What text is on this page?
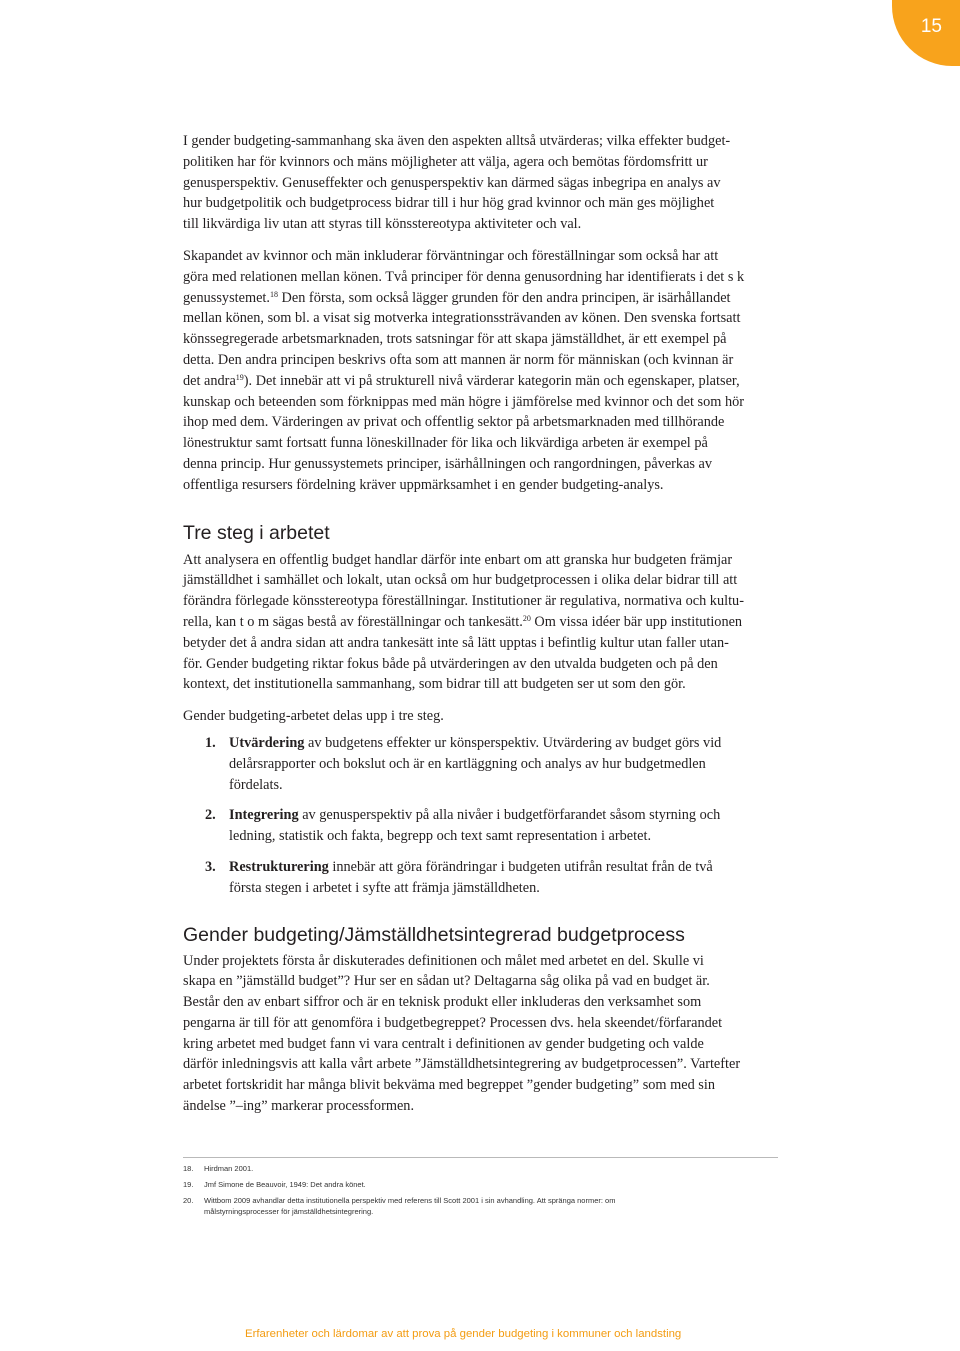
15

I gender budgeting-sammanhang ska även den aspekten alltså utvärderas; vilka effekter budget-
politiken har för kvinnors och mäns möjligheter att välja, agera och bemötas fördomsfritt ur
genusperspektiv. Genuseffekter och genusperspektiv kan därmed sägas inbegripa en analys av
hur budgetpolitik och budgetprocess bidrar till i hur hög grad kvinnor och män ges möjlighet
till likvärdiga liv utan att styras till könsstereotypa aktiviteter och val.

Skapandet av kvinnor och män inkluderar förväntningar och föreställningar som också har att
göra med relationen mellan könen. Två principer för denna genusordning har identifierats i det s k
genussystemet.$^{18}$ Den första, som också lägger grunden för den andra principen, är isärhållandet
mellan könen, som bl. a visat sig motverka integrationssträvanden av könen. Den svenska fortsatt
könssegregerade arbetsmarknaden, trots satsningar för att skapa jämställdhet, är ett exempel på
detta. Den andra principen beskrivs ofta som att mannen är norm för människan (och kvinnan är
det andra$^{19}$). Det innebär att vi på strukturell nivå värderar kategorin män och egenskaper, platser,
kunskap och beteenden som förknippas med män högre i jämförelse med kvinnor och det som hör
ihop med dem. Värderingen av privat och offentlig sektor på arbetsmarknaden med tillhörande
lönestruktur samt fortsatt funna löneskillnader för lika och likvärdiga arbeten är exempel på
denna princip. Hur genussystemets principer, isärhållningen och rangordningen, påverkas av
offentliga resursers fördelning kräver uppmärksamhet i en gender budgeting-analys.

Tre steg i arbetet

Att analysera en offentlig budget handlar därför inte enbart om att granska hur budgeten främjar
jämställdhet i samhället och lokalt, utan också om hur budgetprocessen i olika delar bidrar till att
förändra förlegade könsstereotypa föreställningar. Institutioner är regulativa, normativa och kultu-
rella, kan t o m sägas bestå av föreställningar och tankesätt.$^{20}$ Om vissa idéer bär upp institutionen
betyder det å andra sidan att andra tankesätt inte så lätt upptas i befintlig kultur utan faller utan-
för. Gender budgeting riktar fokus både på utvärderingen av den utvalda budgeten och på den
kontext, det institutionella sammanhang, som bidrar till att budgeten ser ut som den gör.

Gender budgeting-arbetet delas upp i tre steg.

1. Utvärdering av budgetens effekter ur könsperspektiv. Utvärdering av budget görs vid
delårsrapporter och bokslut och är en kartläggning och analys av hur budgetmedlen
fördelats.
2. Integrering av genusperspektiv på alla nivåer i budgetförfarandet såsom styrning och
ledning, statistik och fakta, begrepp och text samt representation i arbetet.
3. Restrukturering innebär att göra förändringar i budgeten utifrån resultat från de två
första stegen i arbetet i syfte att främja jämställdheten.
Gender budgeting/Jämställdhetsintegrerad budgetprocess

Under projektets första år diskuterades definitionen och målet med arbetet en del. Skulle vi
skapa en ”jämställd budget”? Hur ser en sådan ut? Deltagarna såg olika på vad en budget är.
Består den av enbart siffror och är en teknisk produkt eller inkluderas den verksamhet som
pengarna är till för att genomföra i budgetbegreppet? Processen dvs. hela skeendet/förfarandet
kring arbetet med budget fann vi vara centralt i definitionen av gender budgeting och valde
därför inledningsvis att kalla vårt arbete ”Jämställdhetsintegrering av budgetprocessen”. Vartefter
arbetet fortskridit har många blivit bekväma med begreppet ”gender budgeting” som med sin
ändelse ”–ing” markerar processformen.

18. Hirdman 2001.
19. Jmf Simone de Beauvoir, 1949: Det andra könet.
20. Wittbom 2009 avhandlar detta institutionella perspektiv med referens till Scott 2001 i sin avhandling. Att spränga normer: om
målstyrningsprocesser för jämställdhetsintegrering.
Erfarenheter och lärdomar av att prova på gender budgeting i kommuner och landsting
